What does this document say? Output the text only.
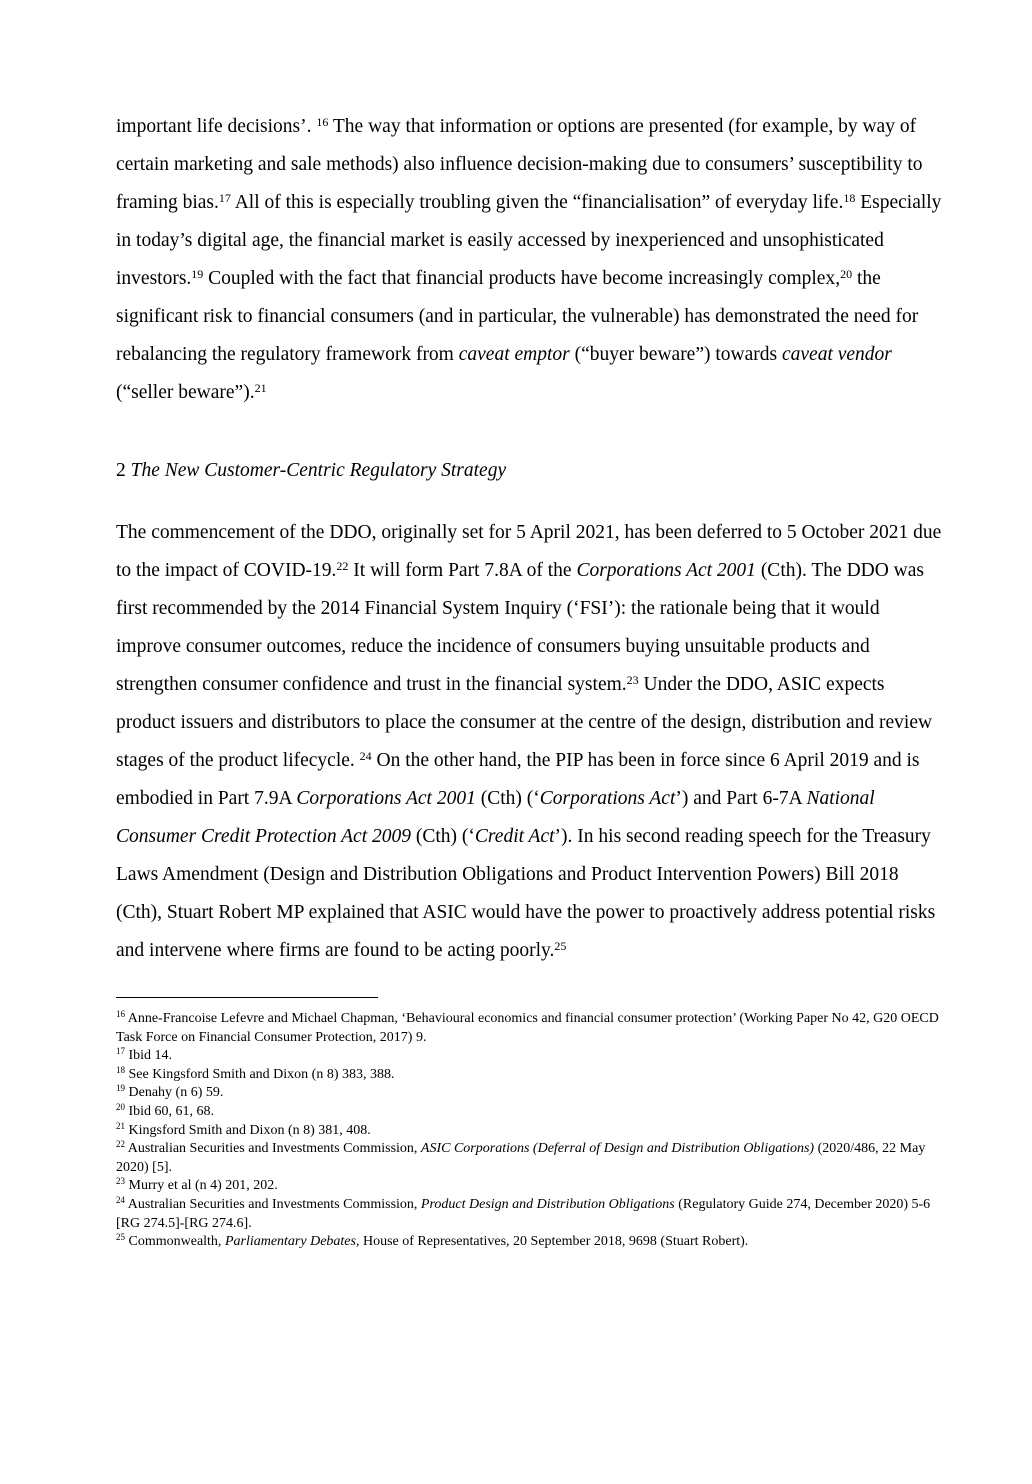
important life decisions’. $^{16}$ The way that information or options are presented (for example, by way of certain marketing and sale methods) also influence decision-making due to consumers’ susceptibility to framing bias.$^{17}$ All of this is especially troubling given the “financialisation” of everyday life.$^{18}$ Especially in today’s digital age, the financial market is easily accessed by inexperienced and unsophisticated investors.$^{19}$ Coupled with the fact that financial products have become increasingly complex,$^{20}$ the significant risk to financial consumers (and in particular, the vulnerable) has demonstrated the need for rebalancing the regulatory framework from caveat emptor (“buyer beware”) towards caveat vendor (“seller beware”).$^{21}$

2 The New Customer-Centric Regulatory Strategy

The commencement of the DDO, originally set for 5 April 2021, has been deferred to 5 October 2021 due to the impact of COVID-19.22 It will form Part 7.8A of the Corporations Act 2001 (Cth). The DDO was first recommended by the 2014 Financial System Inquiry (‘FSI’): the rationale being that it would improve consumer outcomes, reduce the incidence of consumers buying unsuitable products and strengthen consumer confidence and trust in the financial system.$^{23}$ Under the DDO, ASIC expects product issuers and distributors to place the consumer at the centre of the design, distribution and review stages of the product lifecycle. $^{24}$ On the other hand, the PIP has been in force since 6 April 2019 and is embodied in Part 7.9A Corporations Act 2001 (Cth) (‘Corporations Act’) and Part 6-7A National Consumer Credit Protection Act 2009 (Cth) (‘Credit Act’). In his second reading speech for the Treasury Laws Amendment (Design and Distribution Obligations and Product Intervention Powers) Bill 2018 (Cth), Stuart Robert MP explained that ASIC would have the power to proactively address potential risks and intervene where firms are found to be acting poorly.$^{25}$

$^{16}$ Anne-Francoise Lefevre and Michael Chapman, ‘Behavioural economics and financial consumer protection’ (Working Paper No 42, G20 OECD Task Force on Financial Consumer Protection, 2017) 9.

$^{17}$ Ibid 14.

$^{18}$ See Kingsford Smith and Dixon (n 8) 383, 388.

$^{19}$ Denahy (n 6) 59.

$^{20}$ Ibid 60, 61, 68.

$^{21}$ Kingsford Smith and Dixon (n 8) 381, 408.

$^{22}$ Australian Securities and Investments Commission, ASIC Corporations (Deferral of Design and Distribution Obligations) (2020/486, 22 May 2020) [5].

$^{23}$ Murry et al (n 4) 201, 202.

$^{24}$ Australian Securities and Investments Commission, Product Design and Distribution Obligations (Regulatory Guide 274, December 2020) 5-6 [RG 274.5]-[RG 274.6].

$^{25}$ Commonwealth, Parliamentary Debates, House of Representatives, 20 September 2018, 9698 (Stuart Robert).
